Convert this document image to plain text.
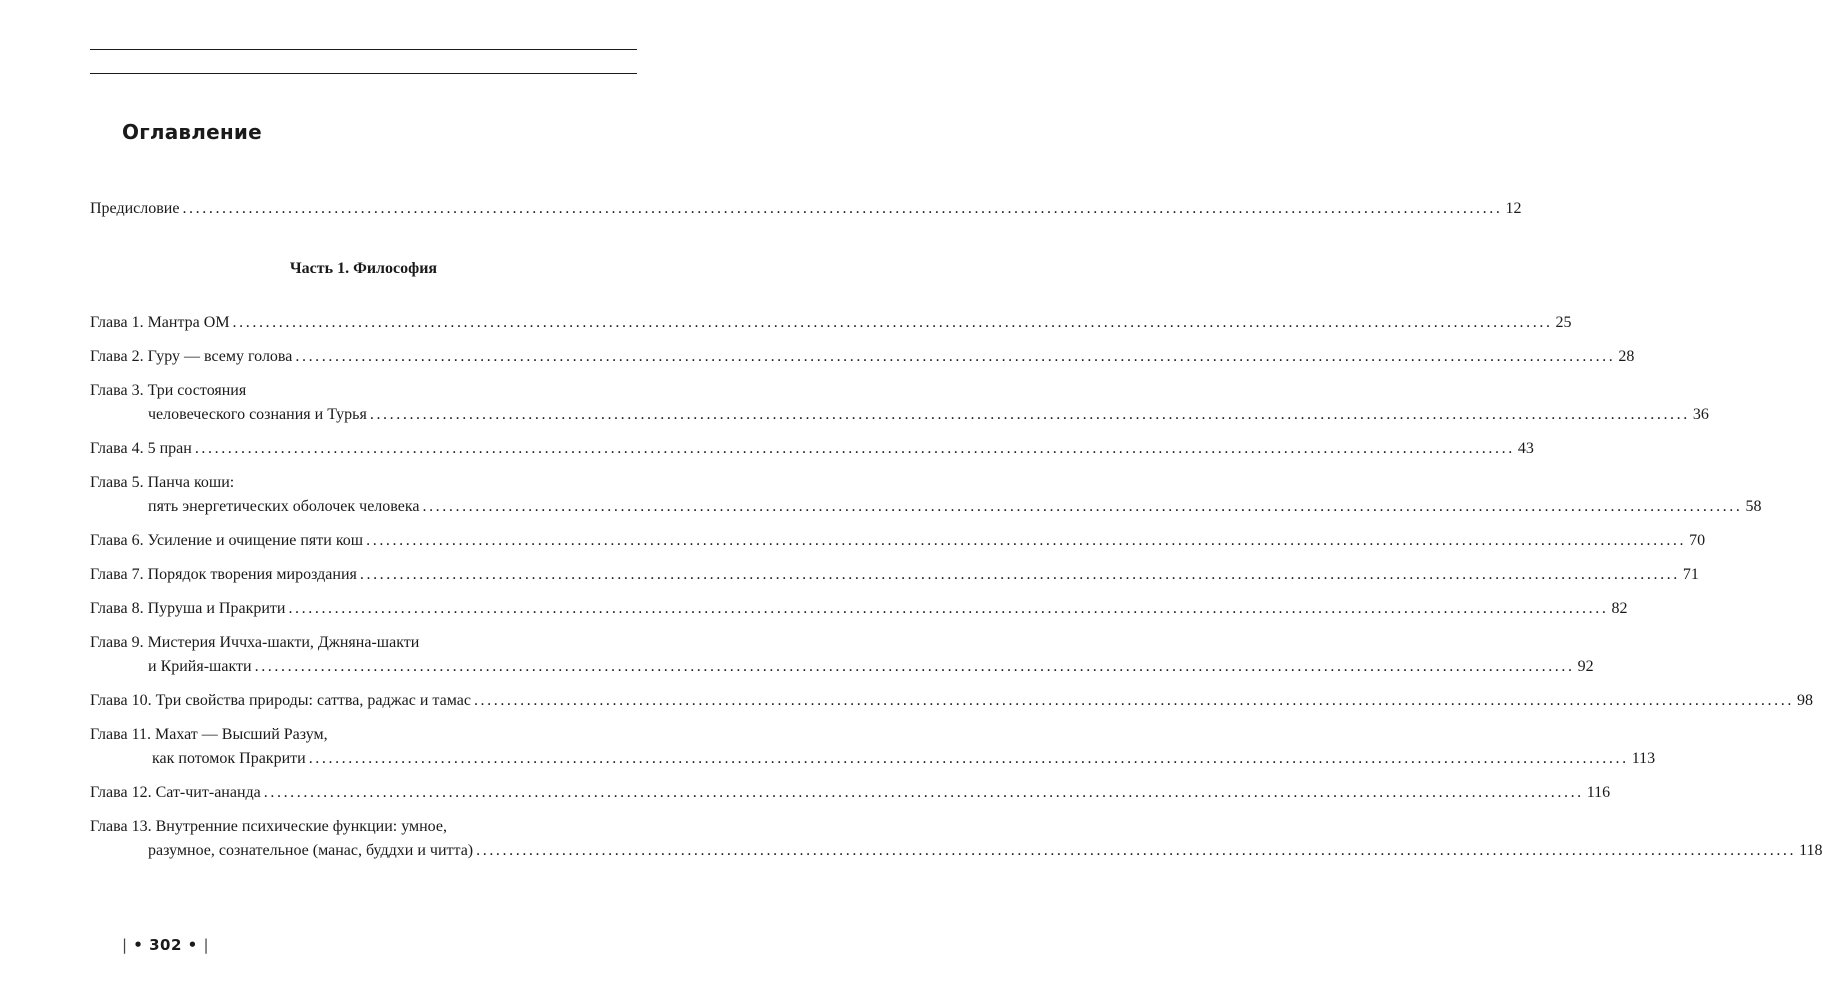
Оглавление
Предисловие ........................................................................................................................................................................................................ 12
Часть 1. Философия
Глава 1. Мантра ОМ ........................................................................................................................................................................................................ 25
Глава 2. Гуру — всему голова ........................................................................................................................................................................................................ 28
Глава 3. Три состояния
человеческого сознания и Турья ........................................................................................................................................................................................................ 36
Глава 4. 5 пран ........................................................................................................................................................................................................ 43
Глава 5. Панча коши:
пять энергетических оболочек человека ........................................................................................................................................................................................................ 58
Глава 6. Усиление и очищение пяти кош ........................................................................................................................................................................................................ 70
Глава 7. Порядок творения мироздания ........................................................................................................................................................................................................ 71
Глава 8. Пуруша и Пракрити ........................................................................................................................................................................................................ 82
Глава 9. Мистерия Иччха-шакти, Джняна-шакти
и Крийя-шакти ........................................................................................................................................................................................................ 92
Глава 10. Три свойства природы: саттва, раджас и тамас ........................................................................................................................................................................................................ 98
Глава 11. Махат — Высший Разум,
как потомок Пракрити ........................................................................................................................................................................................................ 113
Глава 12. Сат-чит-ананда ........................................................................................................................................................................................................ 116
Глава 13. Внутренние психические функции: умное,
разумное, сознательное (манас, буддхи и читта) ........................................................................................................................................................................................................ 118
| • 302 • |
